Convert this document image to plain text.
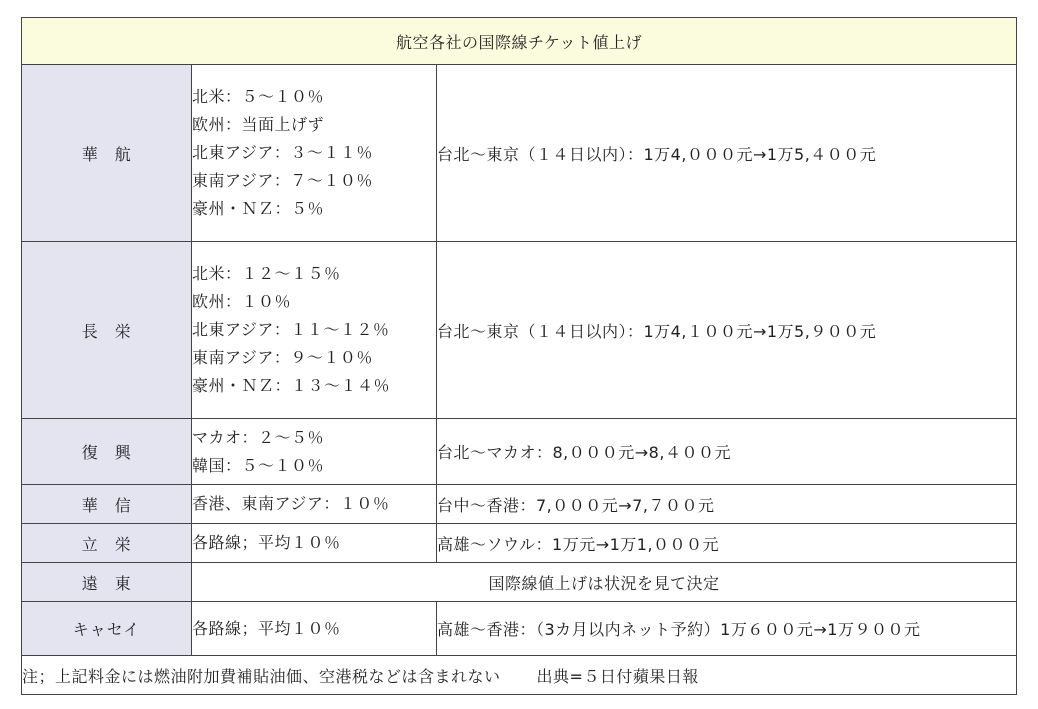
航空各社の国際線チケット値上げ		
華　航	北米：５～１０％
欧州：当面上げず
北東アジア：３～１１％
東南アジア：７～１０％
豪州・ＮＺ：５％	台北～東京（１４日以内）：1万4,０００元→1万5,４００元
長　栄	北米：１２～１５％
欧州：１０％
北東アジア：１１～１２％
東南アジア：９～１０％
豪州・ＮＺ：１３～１４％	台北～東京（１４日以内）：1万4,１００元→1万5,９００元
復　興	マカオ：２～５％
韓国：５～１０％	台北～マカオ：8,０００元→8,４００元
華　信	香港、東南アジア：１０％	台中～香港：7,０００元→7,７００元
立　栄	各路線；平均１０％	高雄～ソウル：1万元→1万1,０００元
遠　東	国際線値上げは状況を見て決定	
キャセイ	各路線；平均１０％	高雄～香港：（3カ月以内ネット予約）1万６００元→1万９００元
注；上記料金には燃油附加費補貼油価、空港税などは含まれない 出典=５日付蘋果日報		
